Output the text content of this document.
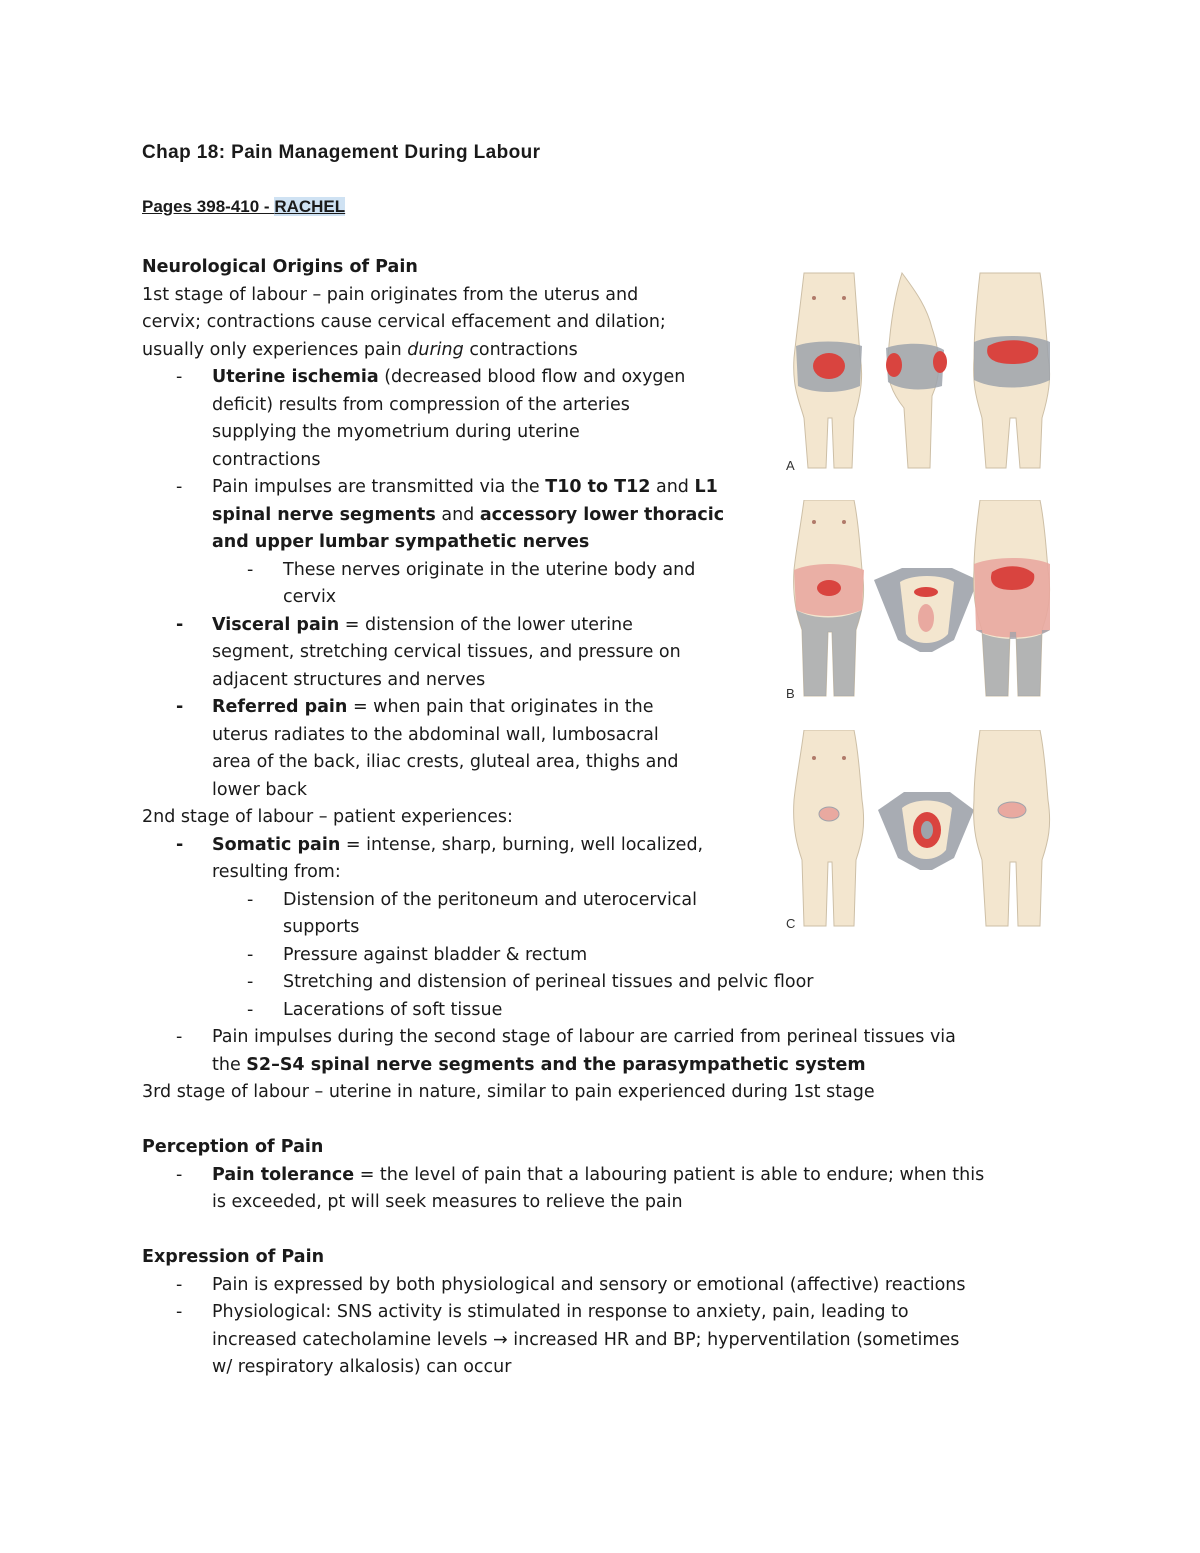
Chap 18: Pain Management During Labour
Pages 398-410 - RACHEL

Neurological Origins of Pain

1st stage of labour – pain originates from the uterus and
cervix; contractions cause cervical effacement and dilation;
usually only experiences pain during contractions

- Uterine ischemia (decreased blood flow and oxygen
deficit) results from compression of the arteries
supplying the myometrium during uterine
contractions
- Pain impulses are transmitted via the T10 to T12 and L1
spinal nerve segments and accessory lower thoracic
and upper lumbar sympathetic nerves
- These nerves originate in the uterine body and
cervix
- Visceral pain = distension of the lower uterine
segment, stretching cervical tissues, and pressure on
adjacent structures and nerves
- Referred pain = when pain that originates in the
uterus radiates to the abdominal wall, lumbosacral
area of the back, iliac crests, gluteal area, thighs and
lower back

2nd stage of labour – patient experiences:

- Somatic pain = intense, sharp, burning, well localized,
resulting from:
- Distension of the peritoneum and uterocervical
supports
- Pressure against bladder & rectum
- Stretching and distension of perineal tissues and pelvic floor
- Lacerations of soft tissue
- Pain impulses during the second stage of labour are carried from perineal tissues via
the S2–S4 spinal nerve segments and the parasympathetic system

3rd stage of labour – uterine in nature, similar to pain experienced during 1st stage

Perception of Pain

- Pain tolerance = the level of pain that a labouring patient is able to endure; when this
is exceeded, pt will seek measures to relieve the pain

Expression of Pain

- Pain is expressed by both physiological and sensory or emotional (affective) reactions
- Physiological: SNS activity is stimulated in response to anxiety, pain, leading to
increased catecholamine levels → increased HR and BP; hyperventilation (sometimes
w/ respiratory alkalosis) can occur
A
B
C
